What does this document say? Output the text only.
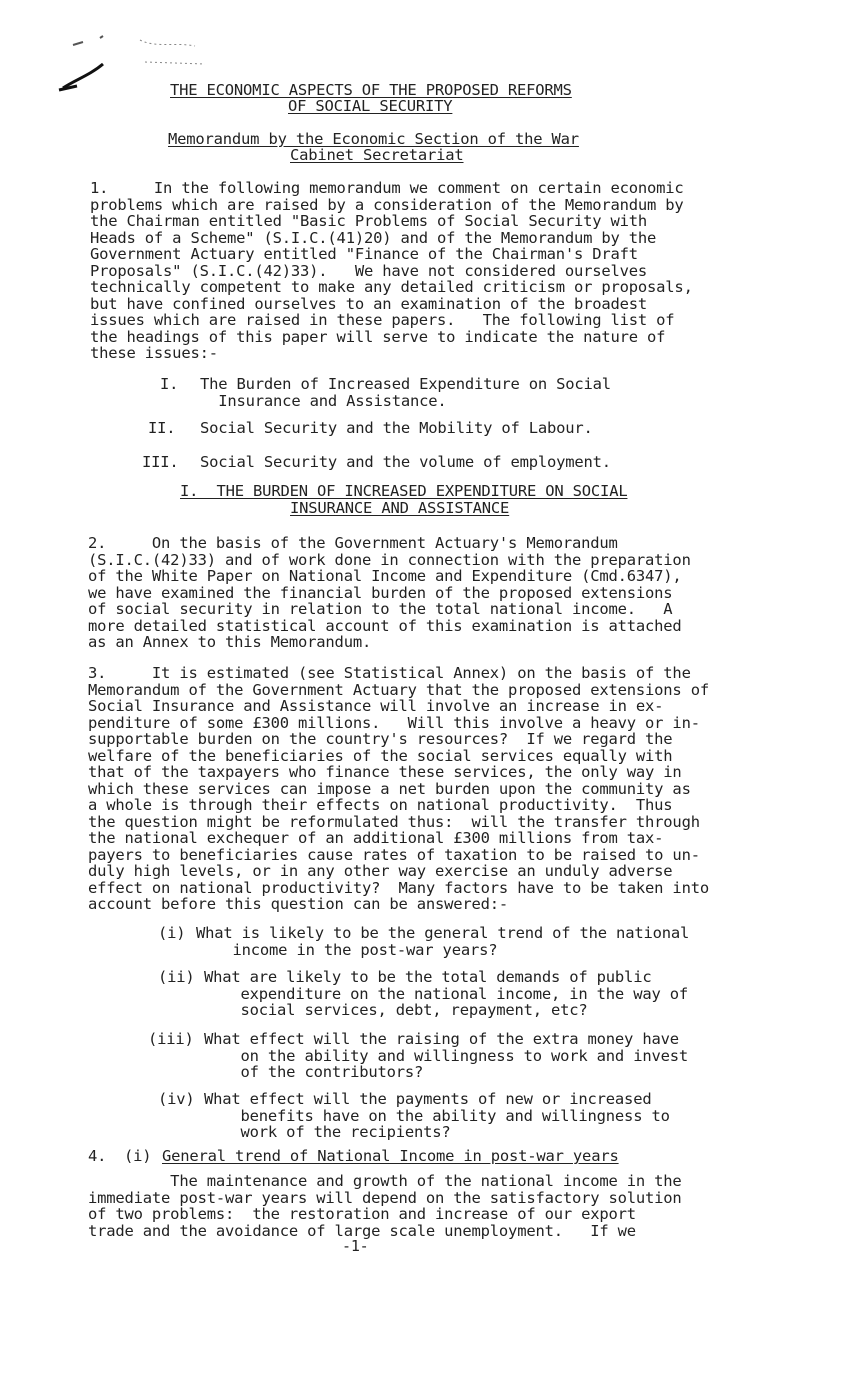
THE ECONOMIC ASPECTS OF THE PROPOSED REFORMS
OF SOCIAL SECURITY
Memorandum by the Economic Section of the War
Cabinet Secretariat
1.     In the following memorandum we comment on certain economic
problems which are raised by a consideration of the Memorandum by
the Chairman entitled "Basic Problems of Social Security with
Heads of a Scheme" (S.I.C.(41)20) and of the Memorandum by the
Government Actuary entitled "Finance of the Chairman's Draft
Proposals" (S.I.C.(42)33).   We have not considered ourselves
technically competent to make any detailed criticism or proposals,
but have confined ourselves to an examination of the broadest
issues which are raised in these papers.   The following list of
the headings of this paper will serve to indicate the nature of
these issues:-
I. The Burden of Increased Expenditure on Social
Insurance and Assistance.
II. Social Security and the Mobility of Labour.
III. Social Security and the volume of employment.
I.  THE BURDEN OF INCREASED EXPENDITURE ON SOCIAL
INSURANCE AND ASSISTANCE
2.     On the basis of the Government Actuary's Memorandum
(S.I.C.(42)33) and of work done in connection with the preparation
of the White Paper on National Income and Expenditure (Cmd.6347),
we have examined the financial burden of the proposed extensions
of social security in relation to the total national income.   A
more detailed statistical account of this examination is attached
as an Annex to this Memorandum.
3.     It is estimated (see Statistical Annex) on the basis of the
Memorandum of the Government Actuary that the proposed extensions of
Social Insurance and Assistance will involve an increase in ex-
penditure of some £300 millions.   Will this involve a heavy or in-
supportable burden on the country's resources?  If we regard the
welfare of the beneficiaries of the social services equally with
that of the taxpayers who finance these services, the only way in
which these services can impose a net burden upon the community as
a whole is through their effects on national productivity.  Thus
the question might be reformulated thus:  will the transfer through
the national exchequer of an additional £300 millions from tax-
payers to beneficiaries cause rates of taxation to be raised to un-
duly high levels, or in any other way exercise an unduly adverse
effect on national productivity?  Many factors have to be taken into
account before this question can be answered:-
(i) What is likely to be the general trend of the national
income in the post-war years?
(ii) What are likely to be the total demands of public
expenditure on the national income, in the way of
social services, debt, repayment, etc?
(iii) What effect will the raising of the extra money have
on the ability and willingness to work and invest
of the contributors?
(iv) What effect will the payments of new or increased
benefits have on the ability and willingness to
work of the recipients?
4. (i) General trend of National Income in post-war years
The maintenance and growth of the national income in the
immediate post-war years will depend on the satisfactory solution
of two problems:  the restoration and increase of our export
trade and the avoidance of large scale unemployment.   If we
-1-
